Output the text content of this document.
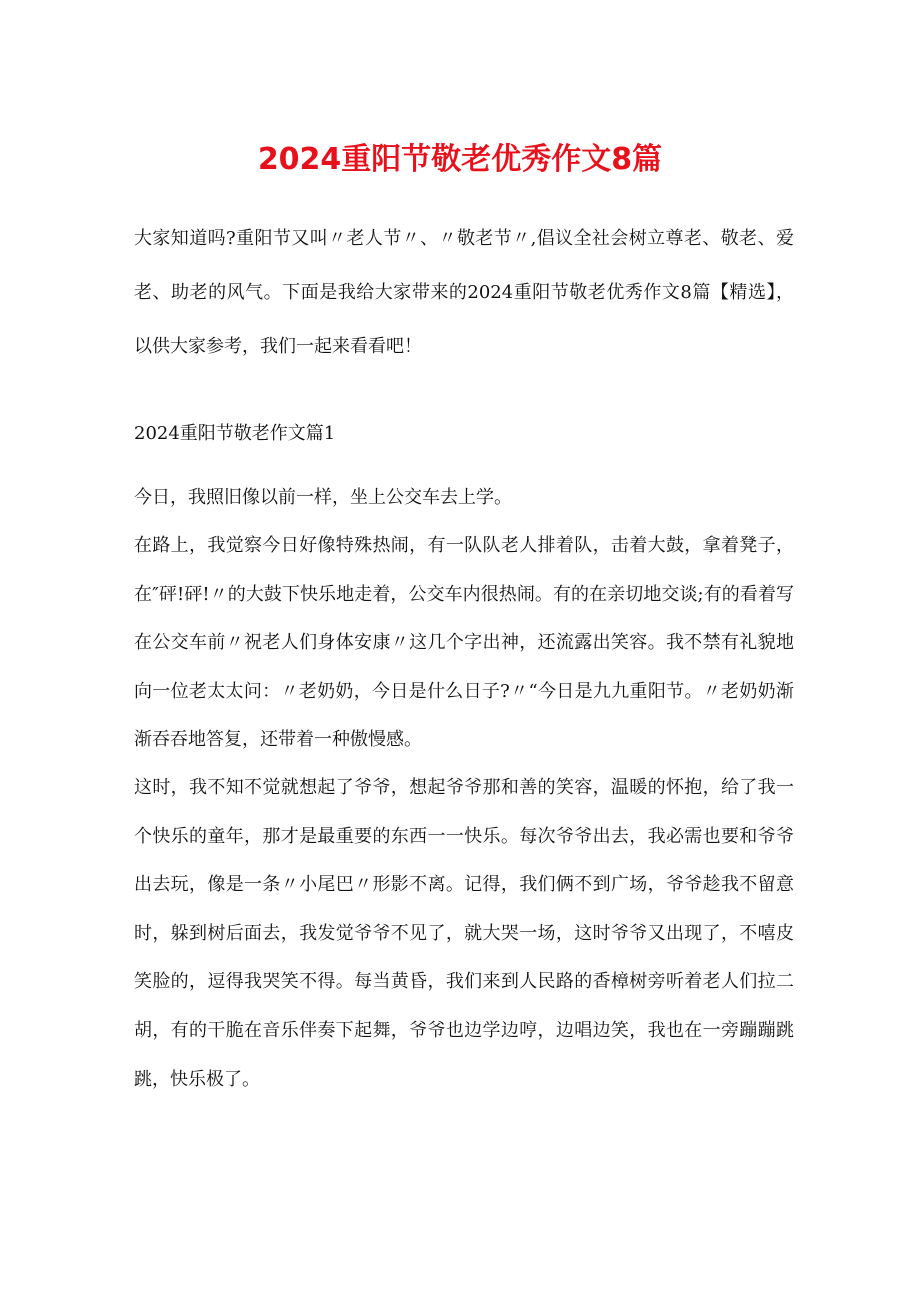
2024重阳节敬老优秀作文8篇

大家知道吗?重阳节又叫〃老人节〃、〃敬老节〃,倡议全社会树立尊老、敬老、爱老、助老的风气。下面是我给大家带来的2024重阳节敬老优秀作文8篇【精选】，以供大家参考，我们一起来看看吧！

2024重阳节敬老作文篇1

今日，我照旧像以前一样，坐上公交车去上学。

在路上，我觉察今日好像特殊热闹，有一队队老人排着队，击着大鼓，拿着凳子，在″砰!砰!〃的大鼓下快乐地走着，公交车内很热闹。有的在亲切地交谈;有的看着写在公交车前〃祝老人们身体安康〃这几个字出神，还流露出笑容。我不禁有礼貌地向一位老太太问：〃老奶奶，今日是什么日子?〃“今日是九九重阳节。〃老奶奶渐渐吞吞地答复，还带着一种傲慢感。

这时，我不知不觉就想起了爷爷，想起爷爷那和善的笑容，温暖的怀抱，给了我一个快乐的童年，那才是最重要的东西一一快乐。每次爷爷出去，我必需也要和爷爷出去玩，像是一条〃小尾巴〃形影不离。记得，我们俩不到广场，爷爷趁我不留意时，躲到树后面去，我发觉爷爷不见了，就大哭一场，这时爷爷又出现了，不嘻皮笑脸的，逗得我哭笑不得。每当黄昏，我们来到人民路的香樟树旁听着老人们拉二胡，有的干脆在音乐伴奏下起舞，爷爷也边学边哼，边唱边笑，我也在一旁蹦蹦跳跳，快乐极了。
